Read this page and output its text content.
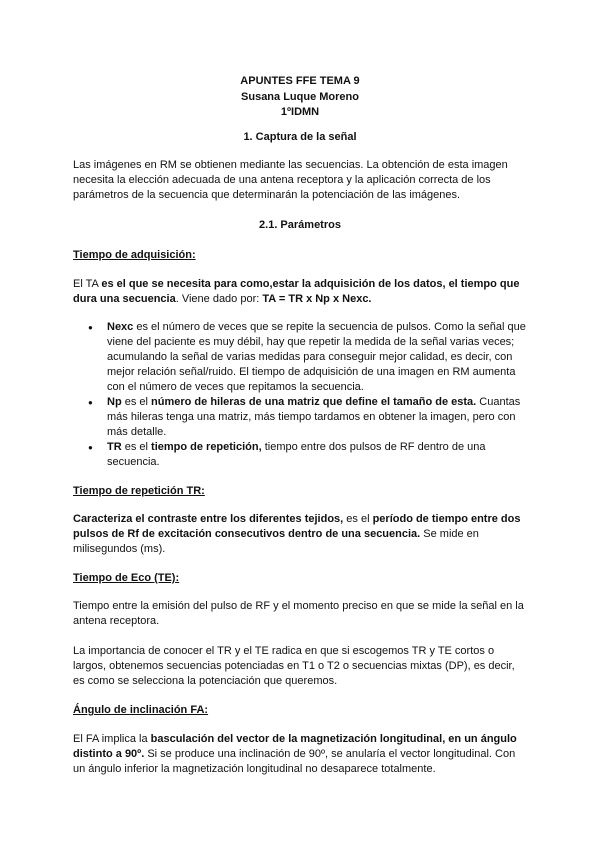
APUNTES FFE TEMA 9
Susana Luque Moreno
1ºIDMN
1. Captura de la señal
Las imágenes en RM se obtienen mediante las secuencias. La obtención de esta imagen necesita la elección adecuada de una antena receptora y la aplicación correcta de los parámetros de la secuencia que determinarán la potenciación de las imágenes.
2.1. Parámetros
Tiempo de adquisición:
El TA es el que se necesita para como,estar la adquisición de los datos, el tiempo que dura una secuencia. Viene dado por: TA = TR x Np x Nexc.
● Nexc es el número de veces que se repite la secuencia de pulsos. Como la señal que viene del paciente es muy débil, hay que repetir la medida de la señal varias veces; acumulando la señal de varias medidas para conseguir mejor calidad, es decir, con mejor relación señal/ruido. El tiempo de adquisición de una imagen en RM aumenta con el número de veces que repitamos la secuencia.
● Np es el número de hileras de una matriz que define el tamaño de esta. Cuantas más hileras tenga una matriz, más tiempo tardamos en obtener la imagen, pero con más detalle.
● TR es el tiempo de repetición, tiempo entre dos pulsos de RF dentro de una secuencia.
Tiempo de repetición TR:
Caracteriza el contraste entre los diferentes tejidos, es el período de tiempo entre dos pulsos de Rf de excitación consecutivos dentro de una secuencia. Se mide en milisegundos (ms).
Tiempo de Eco (TE):
Tiempo entre la emisión del pulso de RF y el momento preciso en que se mide la señal en la antena receptora.
La importancia de conocer el TR y el TE radica en que si escogemos TR y TE cortos o largos, obtenemos secuencias potenciadas en T1 o T2 o secuencias mixtas (DP), es decir, es como se selecciona la potenciación que queremos.
Ángulo de inclinación FA:
El FA implica la basculación del vector de la magnetización longitudinal, en un ángulo distinto a 90º. Si se produce una inclinación de 90º, se anularía el vector longitudinal. Con un ángulo inferior la magnetización longitudinal no desaparece totalmente.
